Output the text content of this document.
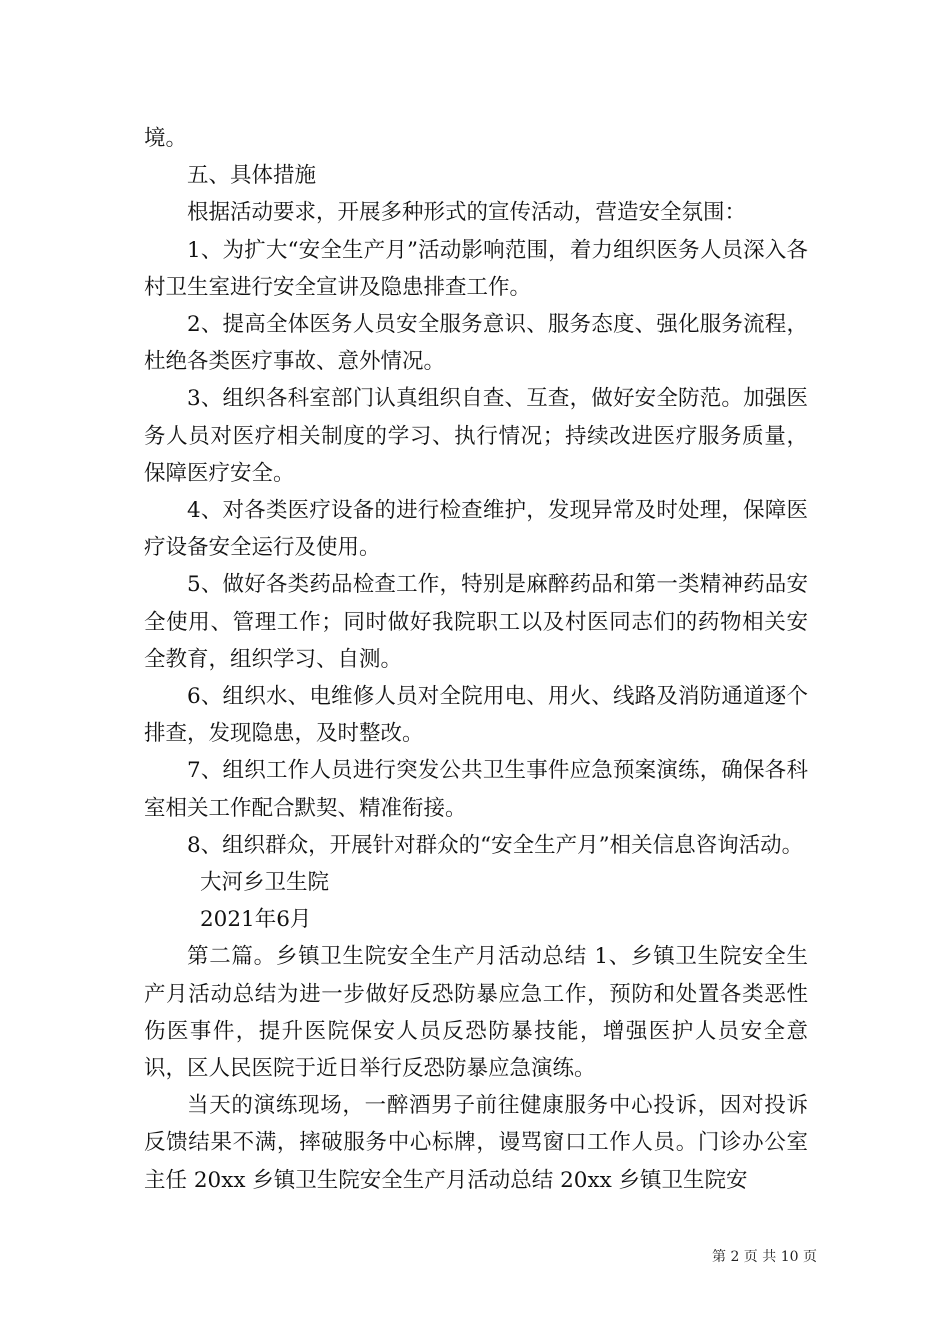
境。

五、具体措施

根据活动要求，开展多种形式的宣传活动，营造安全氛围：

1、为扩大“安全生产月”活动影响范围，着力组织医务人员深入各村卫生室进行安全宣讲及隐患排查工作。

2、提高全体医务人员安全服务意识、服务态度、强化服务流程，杜绝各类医疗事故、意外情况。

3、组织各科室部门认真组织自查、互查，做好安全防范。加强医务人员对医疗相关制度的学习、执行情况；持续改进医疗服务质量，保障医疗安全。

4、对各类医疗设备的进行检查维护，发现异常及时处理，保障医疗设备安全运行及使用。

5、做好各类药品检查工作，特别是麻醉药品和第一类精神药品安全使用、管理工作；同时做好我院职工以及村医同志们的药物相关安全教育，组织学习、自测。

6、组织水、电维修人员对全院用电、用火、线路及消防通道逐个排查，发现隐患，及时整改。

7、组织工作人员进行突发公共卫生事件应急预案演练，确保各科室相关工作配合默契、精准衔接。

8、组织群众，开展针对群众的“安全生产月”相关信息咨询活动。

大河乡卫生院

2021年6月

第二篇。乡镇卫生院安全生产月活动总结 1、乡镇卫生院安全生产月活动总结为进一步做好反恐防暴应急工作，预防和处置各类恶性伤医事件，提升医院保安人员反恐防暴技能，增强医护人员安全意识，区人民医院于近日举行反恐防暴应急演练。

当天的演练现场，一醉酒男子前往健康服务中心投诉，因对投诉反馈结果不满，摔破服务中心标牌，谩骂窗口工作人员。门诊办公室主任 20xx 乡镇卫生院安全生产月活动总结 20xx 乡镇卫生院安

第 2 页 共 10 页
